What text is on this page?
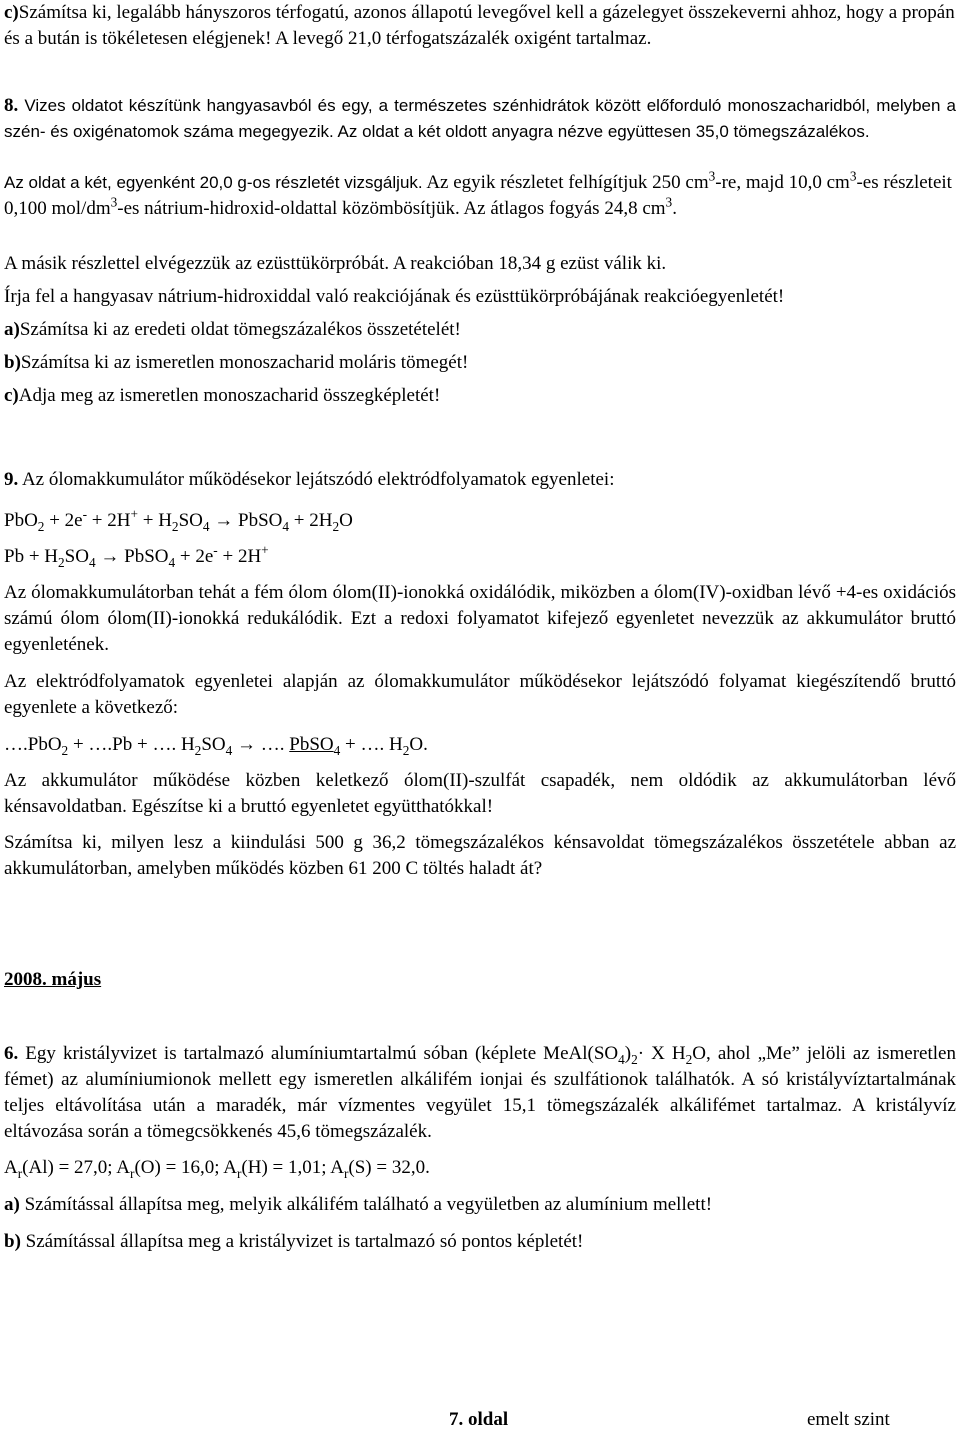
c)Számítsa ki, legalább hányszoros térfogatú, azonos állapotú levegővel kell a gázelegyet összekeverni ahhoz, hogy a propán és a bután is tökéletesen elégjenek! A levegő 21,0 térfogatszázalék oxigént tartalmaz.

8. Vizes oldatot készítünk hangyasavból és egy, a természetes szénhidrátok között előforduló monoszacharidból, melyben a szén- és oxigénatomok száma megegyezik. Az oldat a két oldott anyagra nézve együttesen 35,0 tömegszázalékos.

Az oldat a két, egyenként 20,0 g-os részletét vizsgáljuk. Az egyik részletet felhígítjuk 250 $cm^3-re$, majd 10,0 $cm^3-es$ részleteit 0,100 mol/$dm^3-es$ nátrium-hidroxid-oldattal közömbösítjük. Az átlagos fogyás 24,8 $cm^3$.

A másik részlettel elvégezzük az ezüsttükörpróbát. A reakcióban 18,34 g ezüst válik ki.

Írja fel a hangyasav nátrium-hidroxiddal való reakciójának és ezüsttükörpróbájának reakcióegyenletét!

a)Számítsa ki az eredeti oldat tömegszázalékos összetételét!

b)Számítsa ki az ismeretlen monoszacharid moláris tömegét!

c)Adja meg az ismeretlen monoszacharid összegképletét!

9. Az ólomakkumulátor működésekor lejátszódó elektródfolyamatok egyenletei:

$PbO_2 + 2e^- + 2H^+ + H_2SO_4$ → PbSO$_4$ + $2H_2O$

$Pb + H_2SO_4$ → PbSO$_4$ + 2e- + 2H+

Az ólomakkumulátorban tehát a fém ólom ólom(II)-ionokká oxidálódik, miközben a ólom(IV)-oxidban lévő +4-es oxidációs számú ólom ólom(II)-ionokká redukálódik. Ezt a redoxi folyamatot kifejező egyenletet nevezzük az akkumulátor bruttó egyenletének.

Az elektródfolyamatok egyenletei alapján az ólomakkumulátor működésekor lejátszódó folyamat kiegészítendő bruttó egyenlete a következő:

….PbO$_2$ + ….Pb + …. $H_2SO_4$ → …. PbSO$_4$ + …. $H_2O$.

Az akkumulátor működése közben keletkező ólom(II)-szulfát csapadék, nem oldódik az akkumulátorban lévő kénsavoldatban. Egészítse ki a bruttó egyenletet együtthatókkal!

Számítsa ki, milyen lesz a kiindulási 500 g 36,2 tömegszázalékos kénsavoldat tömegszázalékos összetétele abban az akkumulátorban, amelyben működés közben 61 200 C töltés haladt át?

2008. május

6. Egy kristályvizet is tartalmazó alumíniumtartalmú sóban (képlete $MeAl(SO_4)_2\cdot X$ $H_2O$, ahol „Me” jelöli az ismeretlen fémet) az alumíniumionok mellett egy ismeretlen alkálifém ionjai és szulfátionok találhatók. A só kristályvíztartalmának teljes eltávolítása után a maradék, már vízmentes vegyület 15,1 tömegszázalék alkálifémet tartalmaz. A kristályvíz eltávozása során a tömegcsökkenés 45,6 tömegszázalék.

$A_r(Al) = 27,0$; $A_r(O) = 16,0$; $A_r(H) = 1,01$; $A_r(S) = 32,0$.

a) Számítással állapítsa meg, melyik alkálifém található a vegyületben az alumínium mellett!

b) Számítással állapítsa meg a kristályvizet is tartalmazó só pontos képletét!

7. oldal	emelt szint
